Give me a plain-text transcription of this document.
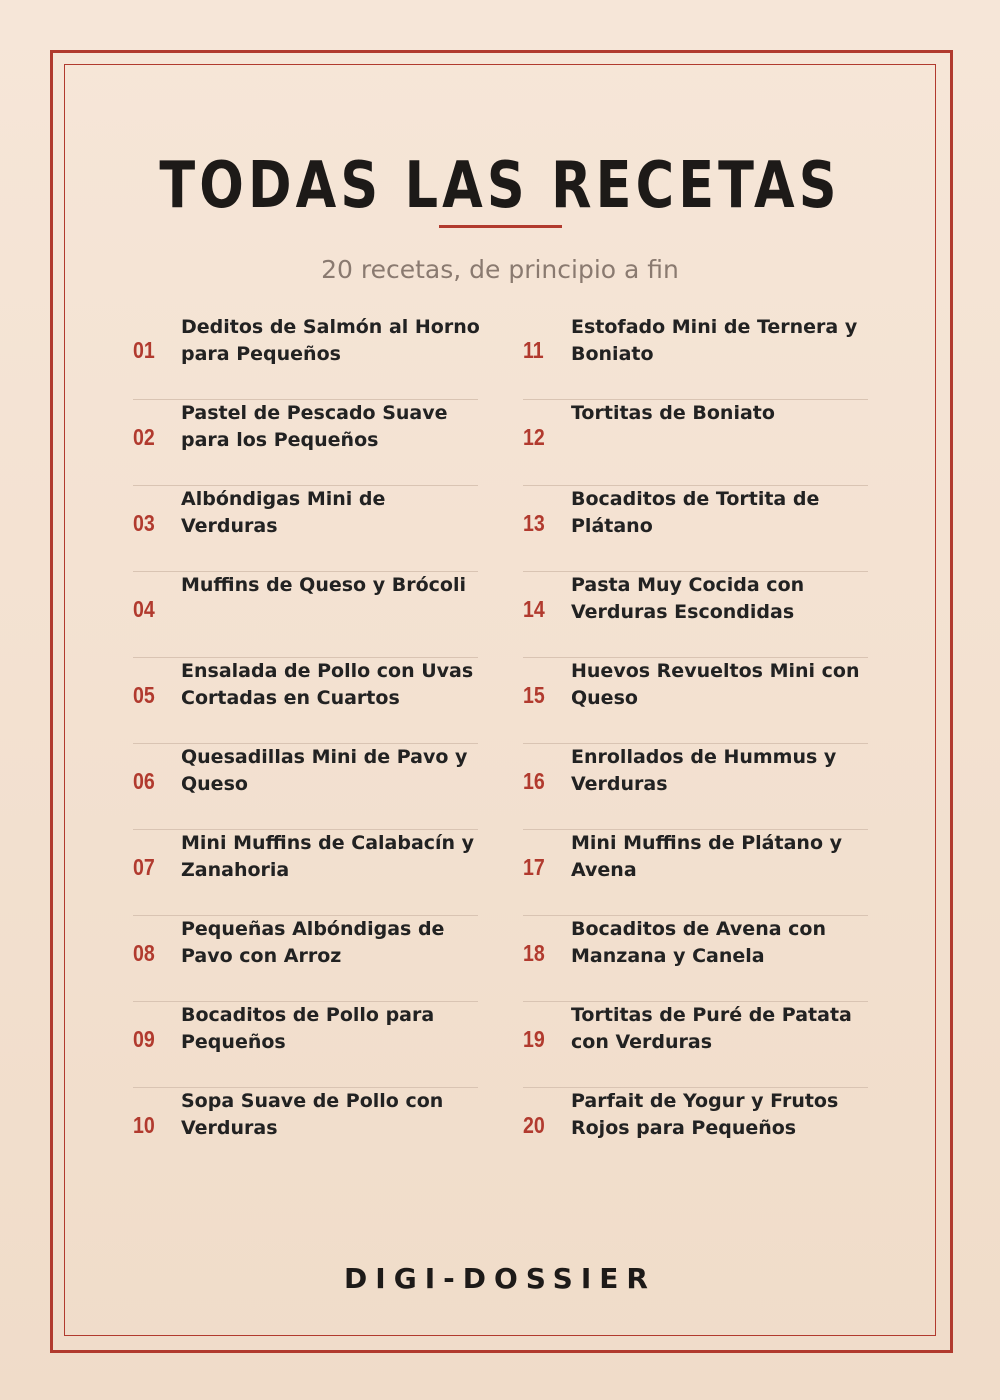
TODAS LAS RECETAS
20 recetas, de principio a fin
01
Deditos de Salmón al Horno para Pequeños
02
Pastel de Pescado Suave para los Pequeños
03
Albóndigas Mini de Verduras
04
Muffins de Queso y Brócoli
05
Ensalada de Pollo con Uvas Cortadas en Cuartos
06
Quesadillas Mini de Pavo y Queso
07
Mini Muffins de Calabacín y Zanahoria
08
Pequeñas Albóndigas de Pavo con Arroz
09
Bocaditos de Pollo para Pequeños
10
Sopa Suave de Pollo con Verduras
11
Estofado Mini de Ternera y Boniato
12
Tortitas de Boniato
13
Bocaditos de Tortita de Plátano
14
Pasta Muy Cocida con Verduras Escondidas
15
Huevos Revueltos Mini con Queso
16
Enrollados de Hummus y Verduras
17
Mini Muffins de Plátano y Avena
18
Bocaditos de Avena con Manzana y Canela
19
Tortitas de Puré de Patata con Verduras
20
Parfait de Yogur y Frutos Rojos para Pequeños
DIGI-DOSSIER
